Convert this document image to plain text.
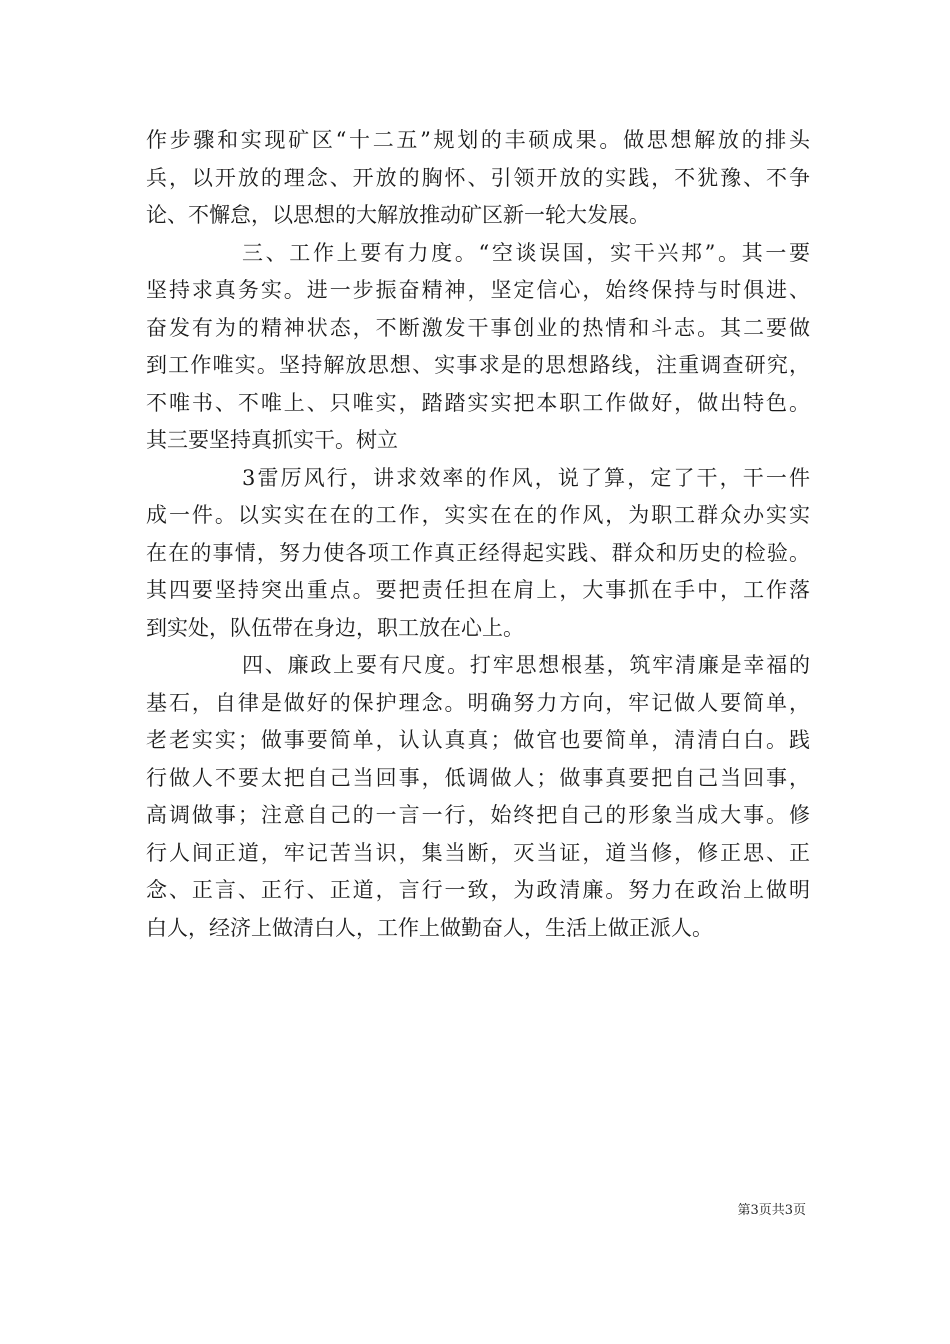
作步骤和实现矿区“十二五”规划的丰硕成果。做思想解放的排头
兵，以开放的理念、开放的胸怀、引领开放的实践，不犹豫、不争
论、不懈怠，以思想的大解放推动矿区新一轮大发展。
三、工作上要有力度。“空谈误国，实干兴邦”。其一要
坚持求真务实。进一步振奋精神，坚定信心，始终保持与时俱进、
奋发有为的精神状态，不断激发干事创业的热情和斗志。其二要做
到工作唯实。坚持解放思想、实事求是的思想路线，注重调查研究，
不唯书、不唯上、只唯实，踏踏实实把本职工作做好，做出特色。
其三要坚持真抓实干。树立
3雷厉风行，讲求效率的作风，说了算，定了干，干一件
成一件。以实实在在的工作，实实在在的作风，为职工群众办实实
在在的事情，努力使各项工作真正经得起实践、群众和历史的检验。
其四要坚持突出重点。要把责任担在肩上，大事抓在手中，工作落
到实处，队伍带在身边，职工放在心上。
四、廉政上要有尺度。打牢思想根基，筑牢清廉是幸福的
基石，自律是做好的保护理念。明确努力方向，牢记做人要简单，
老老实实；做事要简单，认认真真；做官也要简单，清清白白。践
行做人不要太把自己当回事，低调做人；做事真要把自己当回事，
高调做事；注意自己的一言一行，始终把自己的形象当成大事。修
行人间正道，牢记苦当识，集当断，灭当证，道当修，修正思、正
念、正言、正行、正道，言行一致，为政清廉。努力在政治上做明
白人，经济上做清白人，工作上做勤奋人，生活上做正派人。
第3页共3页
